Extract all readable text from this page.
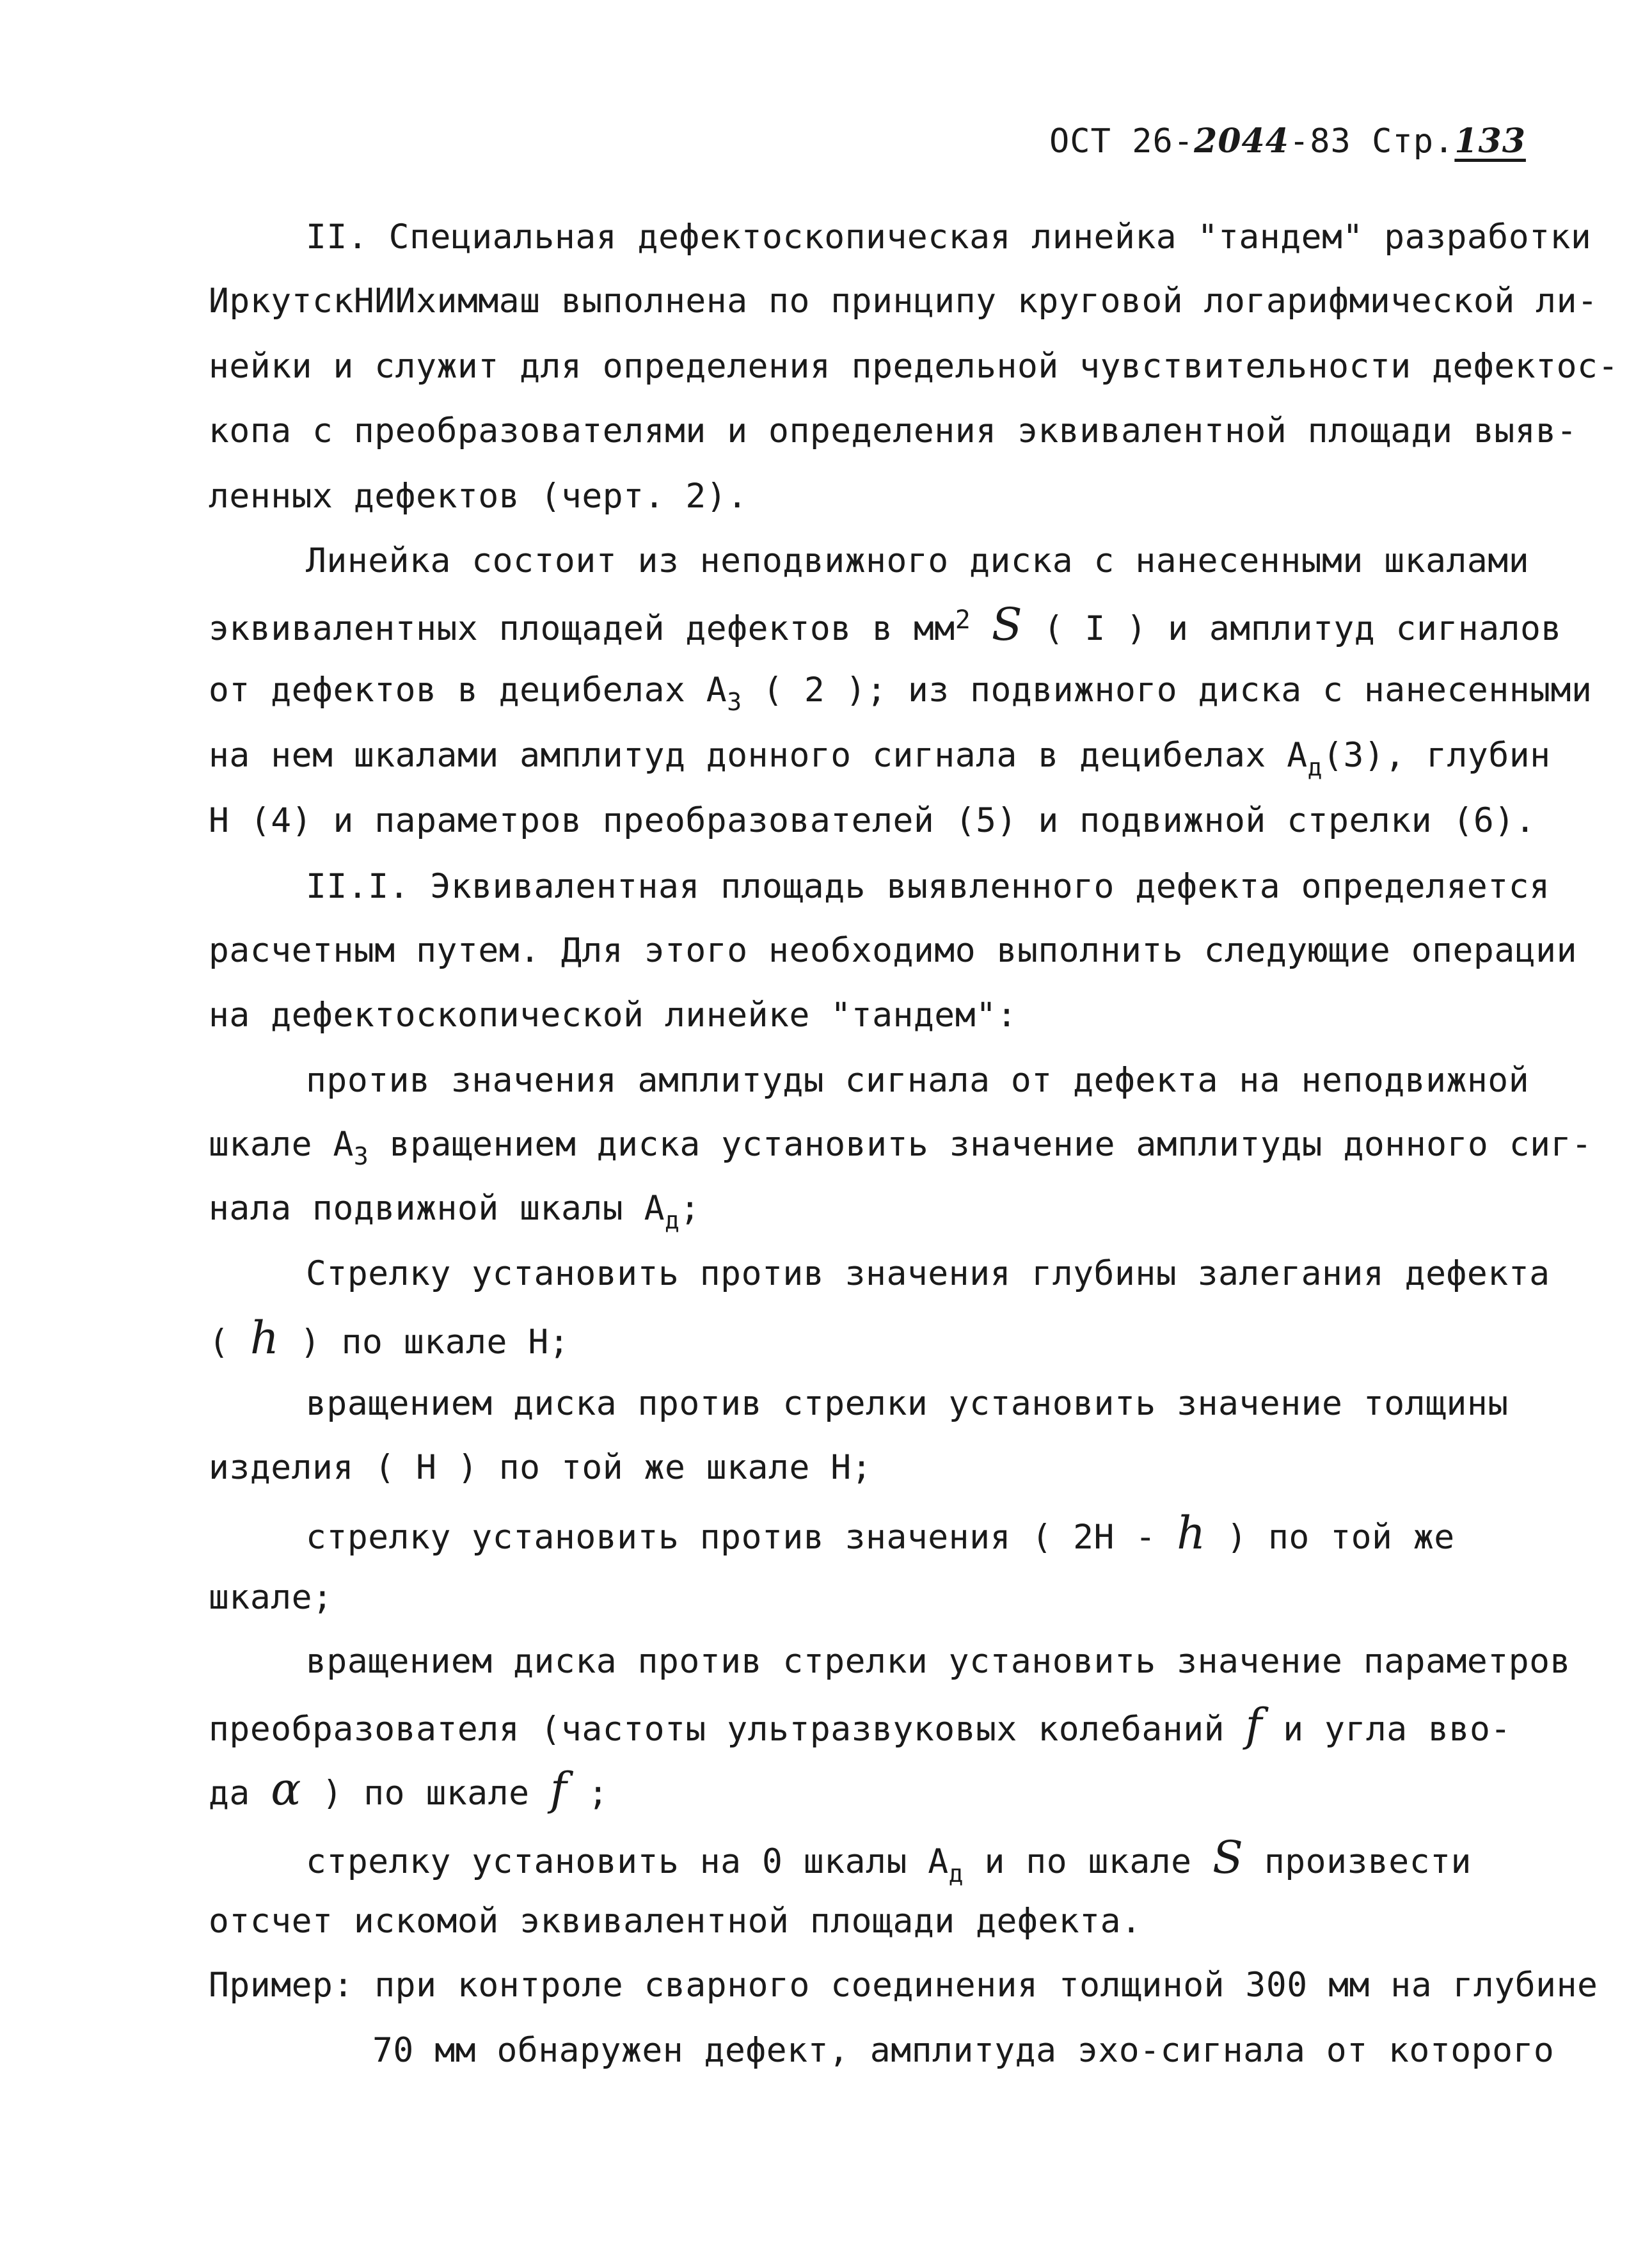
ОСТ 26-2044-83 Стр.133
II. Специальная дефектоскопическая линейка "тандем" разработки
ИркутскНИИхиммаш выполнена по принципу круговой логарифмической ли-
нейки и служит для определения предельной чувствительности дефектос-
копа с преобразователями и определения эквивалентной площади выяв-
ленных дефектов (черт. 2).
Линейка состоит из неподвижного диска с нанесенными шкалами
эквивалентных площадей дефектов в $мм^2$ S ( I ) и амплитуд сигналов
от дефектов в децибелах $А_З$ ( 2 ); из подвижного диска с нанесенными
на нем шкалами амплитуд донного сигнала в децибелах $А_д(3)$, глубин
Н (4) и параметров преобразователей (5) и подвижной стрелки (6).
II.I. Эквивалентная площадь выявленного дефекта определяется
расчетным путем. Для этого необходимо выполнить следующие операции
на дефектоскопической линейке "тандем":
против значения амплитуды сигнала от дефекта на неподвижной
шкале $А_З$ вращением диска установить значение амплитуды донного сиг-
нала подвижной шкалы $А_д$;
Стрелку установить против значения глубины залегания дефекта
( h ) по шкале Н;
вращением диска против стрелки установить значение толщины
изделия ( Н ) по той же шкале Н;
стрелку установить против значения ( 2Н - h ) по той же
шкале;
вращением диска против стрелки установить значение параметров
преобразователя (частоты ультразвуковых колебаний f и угла вво-
да α ) по шкале f ;
стрелку установить на 0 шкалы $А_д$ и по шкале S произвести
отсчет искомой эквивалентной площади дефекта.
Пример: при контроле сварного соединения толщиной 300 мм на глубине
70 мм обнаружен дефект, амплитуда эхо-сигнала от которого
